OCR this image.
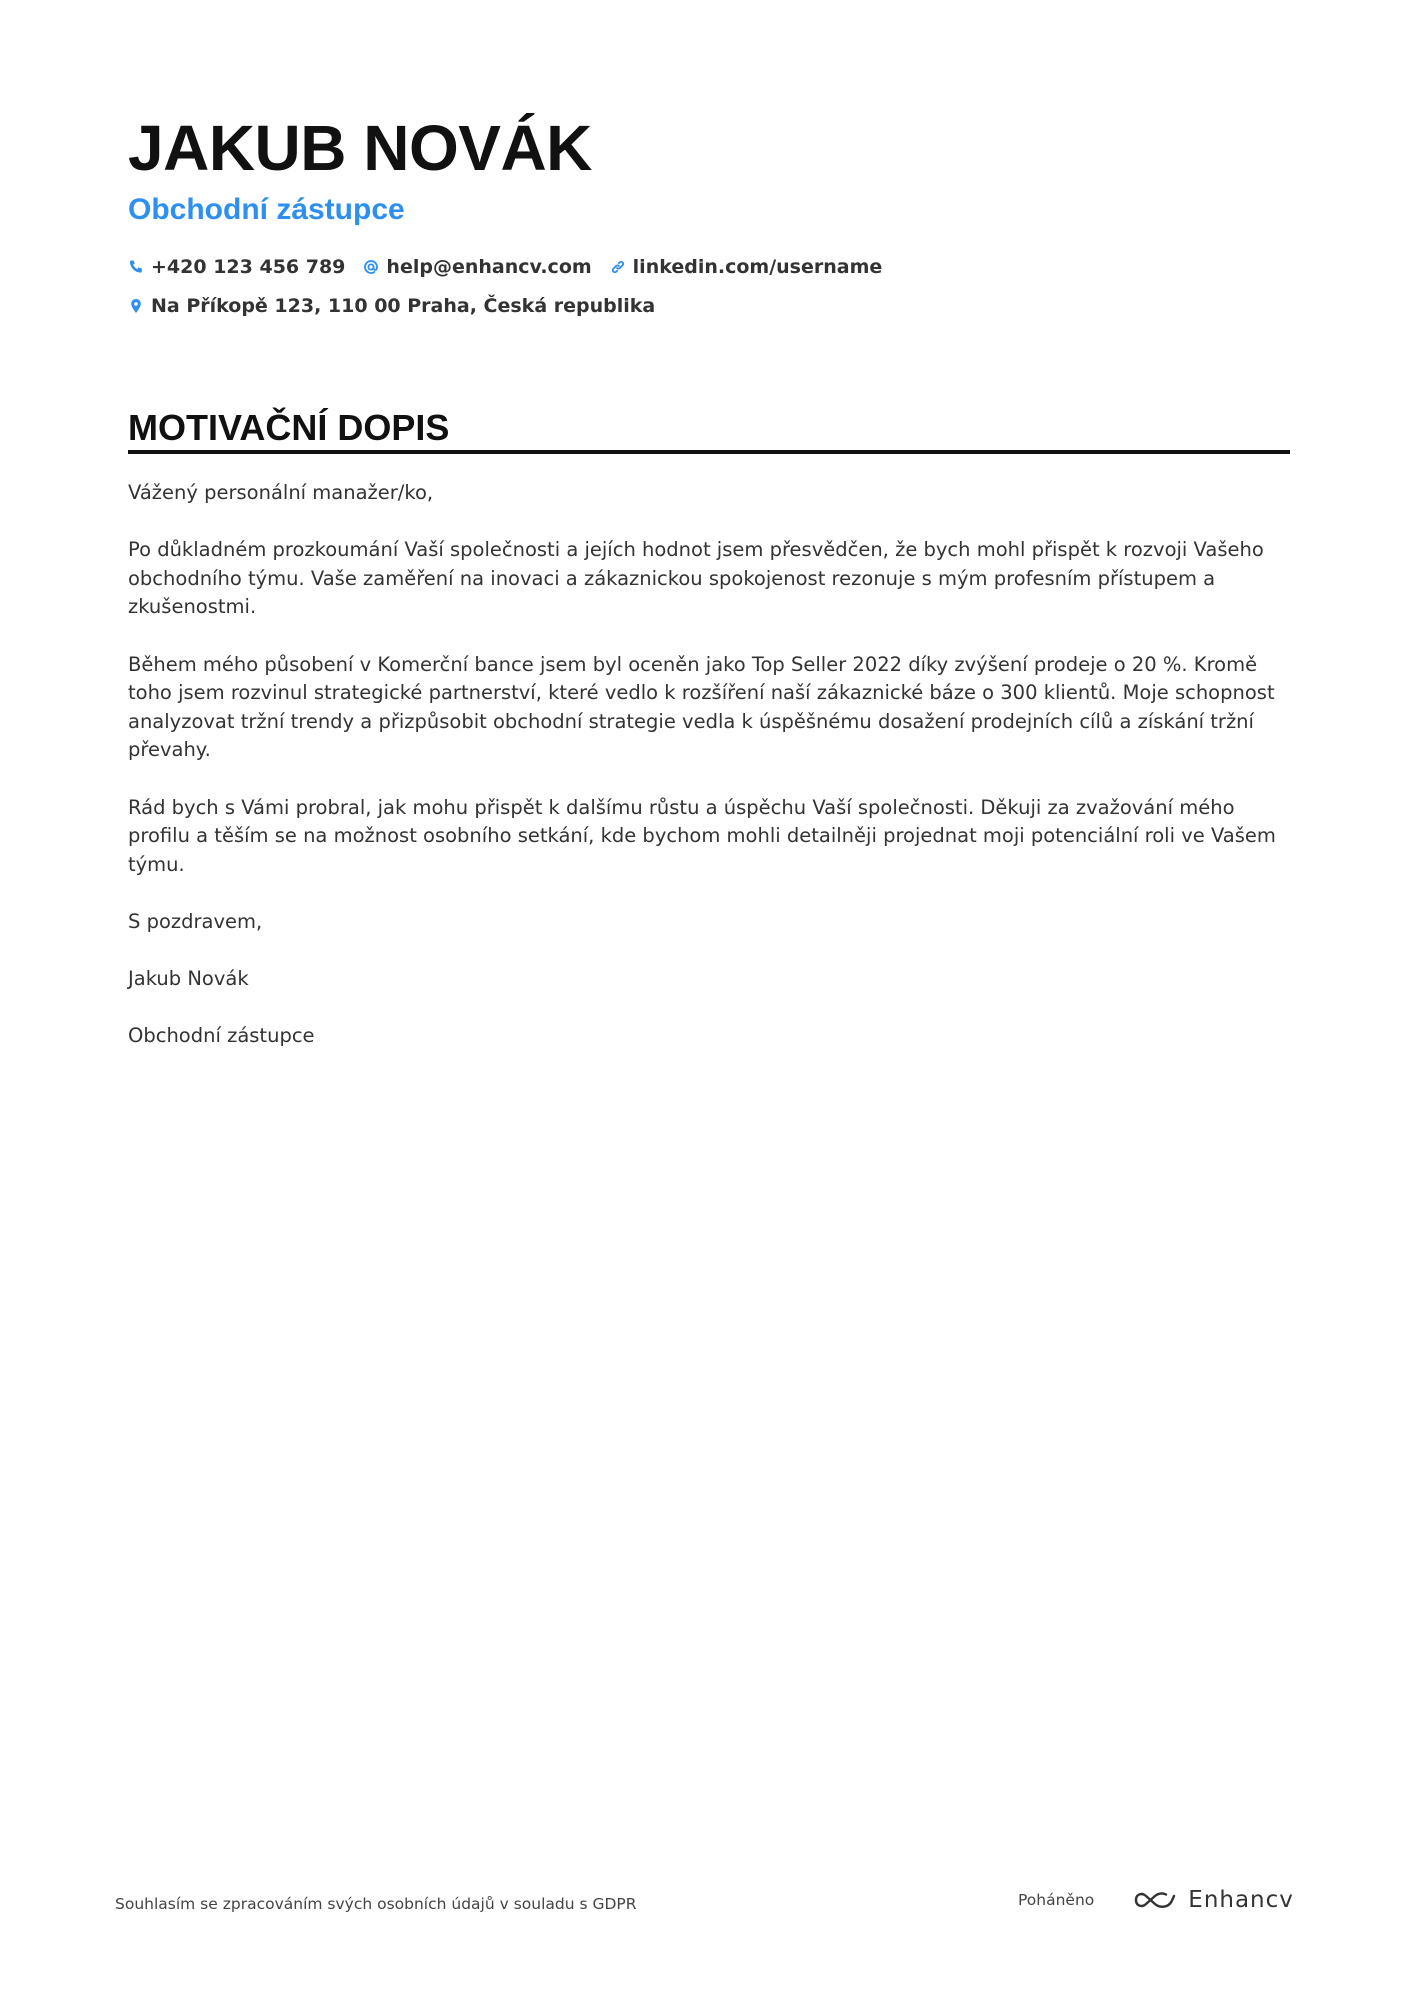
JAKUB NOVÁK
Obchodní zástupce
+420 123 456 789 help@enhancv.com linkedin.com/username
Na Příkopě 123, 110 00 Praha, Česká republika
MOTIVAČNÍ DOPIS

Vážený personální manažer/ko,

Po důkladném prozkoumání Vaší společnosti a jejích hodnot jsem přesvědčen, že bych mohl přispět k rozvoji Vašeho obchodního týmu. Vaše zaměření na inovaci a zákaznickou spokojenost rezonuje s mým profesním přístupem a zkušenostmi.

Během mého působení v Komerční bance jsem byl oceněn jako Top Seller 2022 díky zvýšení prodeje o 20 %. Kromě toho jsem rozvinul strategické partnerství, které vedlo k rozšíření naší zákaznické báze o 300 klientů. Moje schopnost analyzovat tržní trendy a přizpůsobit obchodní strategie vedla k úspěšnému dosažení prodejních cílů a získání tržní převahy.

Rád bych s Vámi probral, jak mohu přispět k dalšímu růstu a úspěchu Vaší společnosti. Děkuji za zvažování mého profilu a těším se na možnost osobního setkání, kde bychom mohli detailněji projednat moji potenciální roli ve Vašem týmu.

S pozdravem,

Jakub Novák

Obchodní zástupce

Souhlasím se zpracováním svých osobních údajů v souladu s GDPR	Poháněno	Enhancv
